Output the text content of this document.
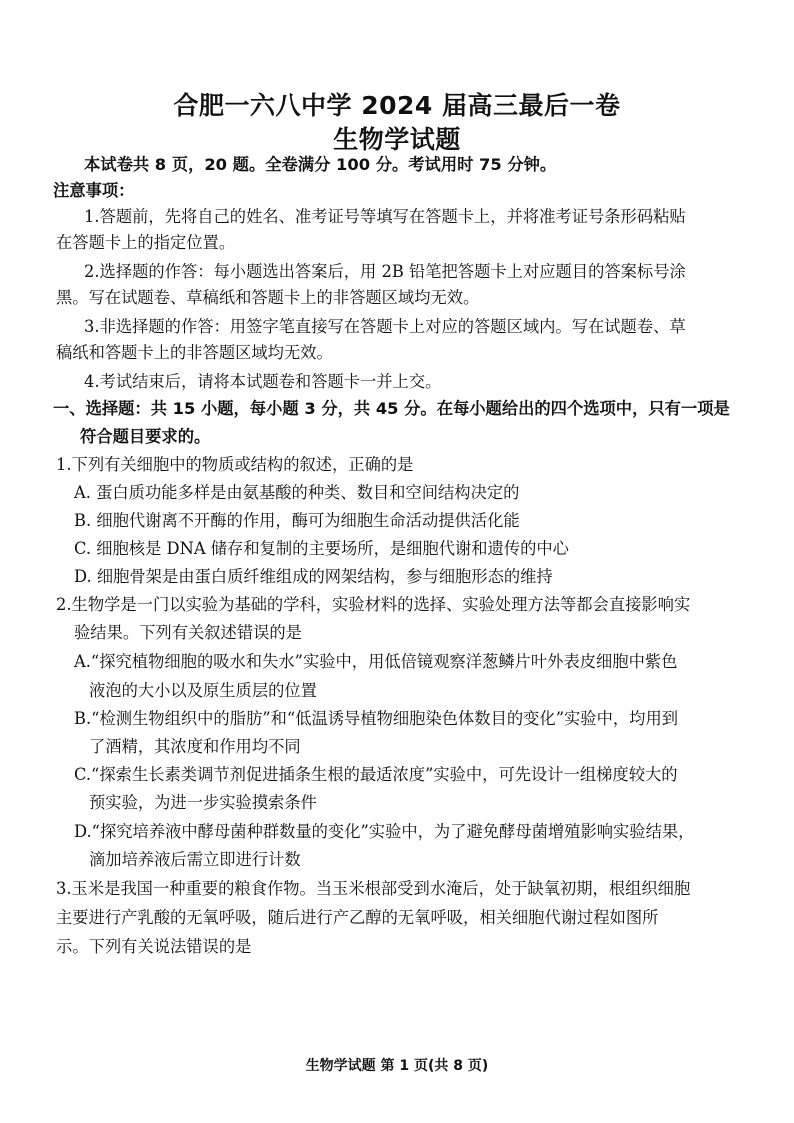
合肥一六八中学 2024 届高三最后一卷
生物学试题
本试卷共 8 页，20 题。全卷满分 100 分。考试用时 75 分钟。
注意事项：
1.答题前，先将自己的姓名、准考证号等填写在答题卡上，并将准考证号条形码粘贴
在答题卡上的指定位置。
2.选择题的作答：每小题选出答案后，用 2B 铅笔把答题卡上对应题目的答案标号涂
黑。写在试题卷、草稿纸和答题卡上的非答题区域均无效。
3.非选择题的作答：用签字笔直接写在答题卡上对应的答题区域内。写在试题卷、草
稿纸和答题卡上的非答题区域均无效。
4.考试结束后，请将本试题卷和答题卡一并上交。
一、选择题：共 15 小题，每小题 3 分，共 45 分。在每小题给出的四个选项中，只有一项是
符合题目要求的。
1.下列有关细胞中的物质或结构的叙述，正确的是
A. 蛋白质功能多样是由氨基酸的种类、数目和空间结构决定的
B. 细胞代谢离不开酶的作用，酶可为细胞生命活动提供活化能
C. 细胞核是 DNA 储存和复制的主要场所，是细胞代谢和遗传的中心
D. 细胞骨架是由蛋白质纤维组成的网架结构，参与细胞形态的维持
2.生物学是一门以实验为基础的学科，实验材料的选择、实验处理方法等都会直接影响实
验结果。下列有关叙述错误的是
A.“探究植物细胞的吸水和失水”实验中，用低倍镜观察洋葱鳞片叶外表皮细胞中紫色
液泡的大小以及原生质层的位置
B.“检测生物组织中的脂肪”和“低温诱导植物细胞染色体数目的变化”实验中，均用到
了酒精，其浓度和作用均不同
C.“探索生长素类调节剂促进插条生根的最适浓度”实验中，可先设计一组梯度较大的
预实验，为进一步实验摸索条件
D.“探究培养液中酵母菌种群数量的变化”实验中，为了避免酵母菌增殖影响实验结果，
滴加培养液后需立即进行计数
3.玉米是我国一种重要的粮食作物。当玉米根部受到水淹后，处于缺氧初期，根组织细胞
主要进行产乳酸的无氧呼吸，随后进行产乙醇的无氧呼吸，相关细胞代谢过程如图所
示。下列有关说法错误的是
生物学试题 第 1 页(共 8 页)
